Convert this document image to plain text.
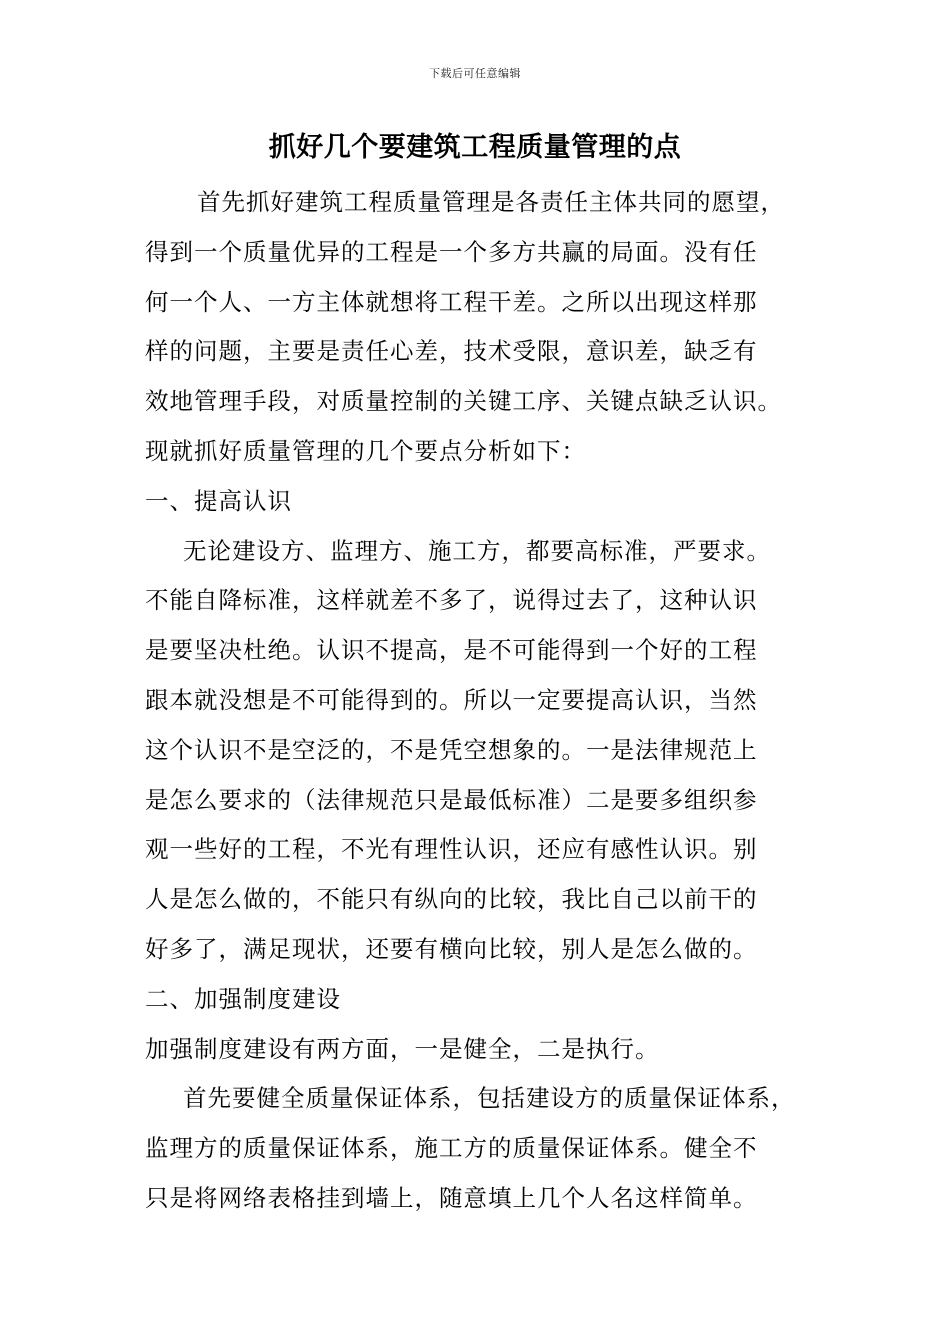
下载后可任意编辑
抓好几个要建筑工程质量管理的点
首先抓好建筑工程质量管理是各责任主体共同的愿望，
得到一个质量优异的工程是一个多方共赢的局面。没有任
何一个人、一方主体就想将工程干差。之所以出现这样那
样的问题，主要是责任心差，技术受限，意识差，缺乏有
效地管理手段，对质量控制的关键工序、关键点缺乏认识。
现就抓好质量管理的几个要点分析如下：
一、提高认识
无论建设方、监理方、施工方，都要高标准，严要求。
不能自降标准，这样就差不多了，说得过去了，这种认识
是要坚决杜绝。认识不提高，是不可能得到一个好的工程
跟本就没想是不可能得到的。所以一定要提高认识，当然
这个认识不是空泛的，不是凭空想象的。一是法律规范上
是怎么要求的（法律规范只是最低标准）二是要多组织参
观一些好的工程，不光有理性认识，还应有感性认识。别
人是怎么做的，不能只有纵向的比较，我比自己以前干的
好多了，满足现状，还要有横向比较，别人是怎么做的。
二、加强制度建设
加强制度建设有两方面，一是健全，二是执行。
首先要健全质量保证体系，包括建设方的质量保证体系，
监理方的质量保证体系，施工方的质量保证体系。健全不
只是将网络表格挂到墙上，随意填上几个人名这样简单。
